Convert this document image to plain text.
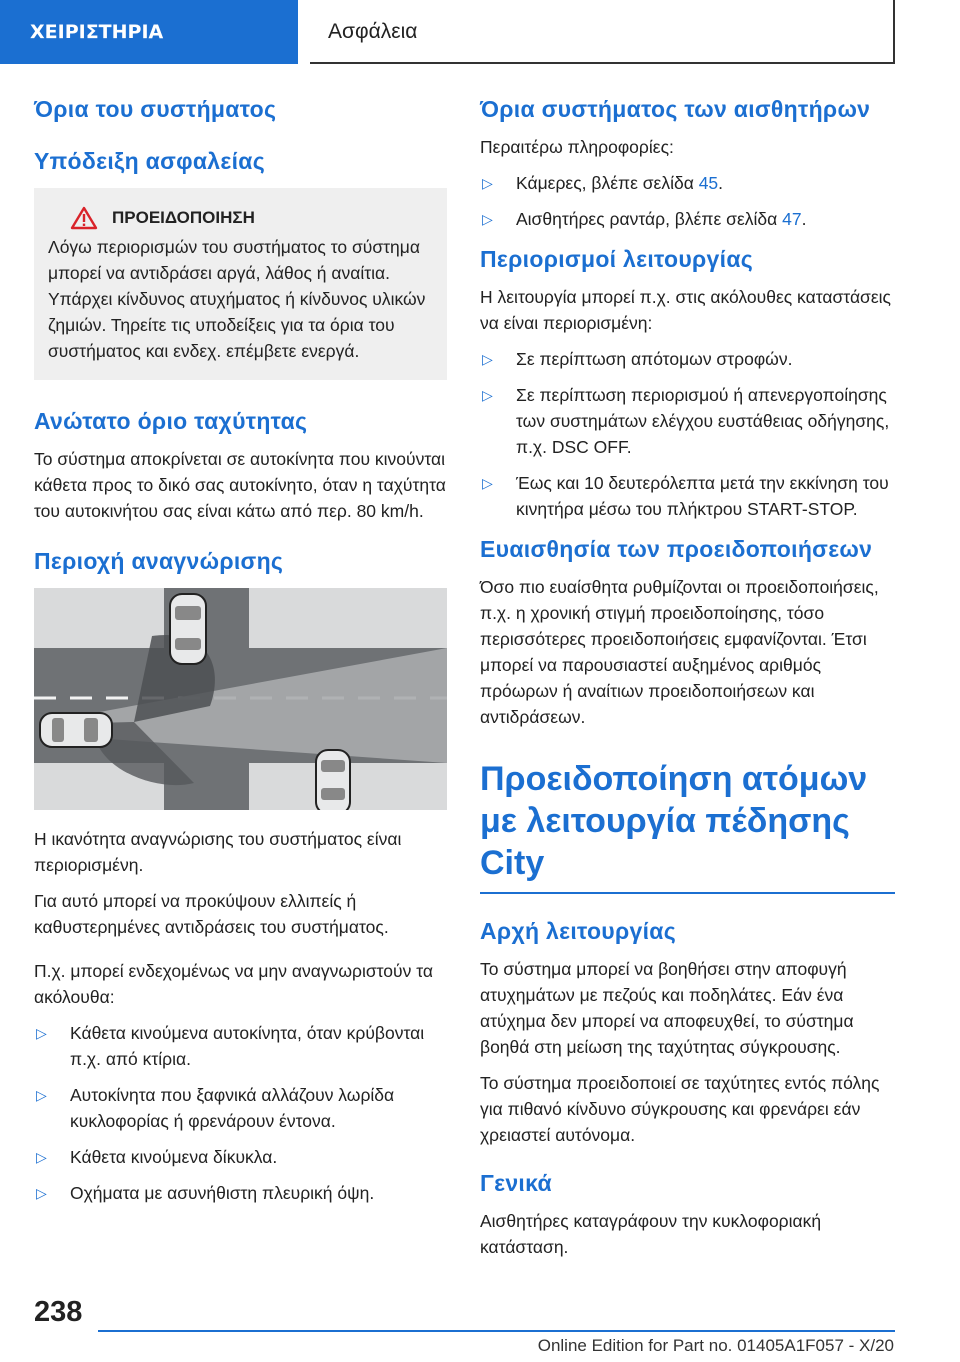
ΧΕΙΡΙΣΤΗΡΙΑ	Ασφάλεια
Όρια του συστήματος
Υπόδειξη ασφαλείας
ΠΡΟΕΙΔΟΠΟΙΗΣΗ

Λόγω περιορισμών του συστήματος το σύστημα μπορεί να αντιδράσει αργά, λάθος ή αναίτια. Υπάρχει κίνδυνος ατυχήματος ή κίνδυνος υλικών ζημιών. Τηρείτε τις υποδείξεις για τα όρια του συστήματος και ενδεχ. επέμβετε ενεργά.

Ανώτατο όριο ταχύτητας

Το σύστημα αποκρίνεται σε αυτοκίνητα που κινούνται κάθετα προς το δικό σας αυτοκίνητο, όταν η ταχύτητα του αυτοκινήτου σας είναι κάτω από περ. 80 km/h.

Περιοχή αναγνώρισης

Η ικανότητα αναγνώρισης του συστήματος είναι περιορισμένη.

Για αυτό μπορεί να προκύψουν ελλιπείς ή καθυστερημένες αντιδράσεις του συστήματος.

Π.χ. μπορεί ενδεχομένως να μην αναγνωριστούν τα ακόλουθα:

▷ Κάθετα κινούμενα αυτοκίνητα, όταν κρύβονται π.χ. από κτίρια.
▷ Αυτοκίνητα που ξαφνικά αλλάζουν λωρίδα κυκλοφορίας ή φρενάρουν έντονα.
▷ Κάθετα κινούμενα δίκυκλα.
▷ Οχήματα με ασυνήθιστη πλευρική όψη.
Όρια συστήματος των αισθητήρων

Περαιτέρω πληροφορίες:

▷ Κάμερες, βλέπε σελίδα 45.
▷ Αισθητήρες ραντάρ, βλέπε σελίδα 47.
Περιορισμοί λειτουργίας

Η λειτουργία μπορεί π.χ. στις ακόλουθες καταστάσεις να είναι περιορισμένη:

▷ Σε περίπτωση απότομων στροφών.
▷ Σε περίπτωση περιορισμού ή απενεργοποίησης των συστημάτων ελέγχου ευστάθειας οδήγησης, π.χ. DSC OFF.
▷ Έως και 10 δευτερόλεπτα μετά την εκκίνηση του κινητήρα μέσω του πλήκτρου START-STOP.
Ευαισθησία των προειδοποιήσεων

Όσο πιο ευαίσθητα ρυθμίζονται οι προειδοποιήσεις, π.χ. η χρονική στιγμή προειδοποίησης, τόσο περισσότερες προειδοποιήσεις εμφανίζονται. Έτσι μπορεί να παρουσιαστεί αυξημένος αριθμός πρόωρων ή αναίτιων προειδοποιήσεων και αντιδράσεων.

Προειδοποίηση ατόμων με λειτουργία πέδησης City
Αρχή λειτουργίας

Το σύστημα μπορεί να βοηθήσει στην αποφυγή ατυχημάτων με πεζούς και ποδηλάτες. Εάν ένα ατύχημα δεν μπορεί να αποφευχθεί, το σύστημα βοηθά στη μείωση της ταχύτητας σύγκρουσης.

Το σύστημα προειδοποιεί σε ταχύτητες εντός πόλης για πιθανό κίνδυνο σύγκρουσης και φρενάρει εάν χρειαστεί αυτόνομα.

Γενικά

Αισθητήρες καταγράφουν την κυκλοφοριακή κατάσταση.

238
Online Edition for Part no. 01405A1F057 - X/20
